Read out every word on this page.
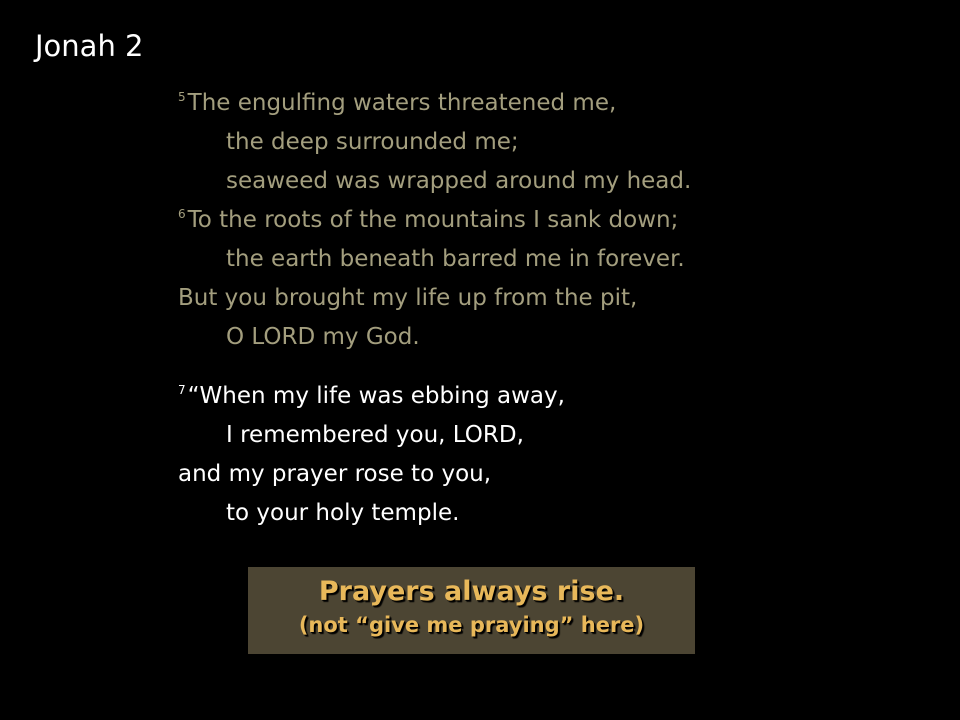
Jonah 2
$^5$The engulfing waters threatened me,
the deep surrounded me;
seaweed was wrapped around my head.
$^6$To the roots of the mountains I sank down;
the earth beneath barred me in forever.
But you brought my life up from the pit,
O LORD my God.
$^7$“When my life was ebbing away,
I remembered you, LORD,
and my prayer rose to you,
to your holy temple.
Prayers always rise.
(not “give me praying” here)
